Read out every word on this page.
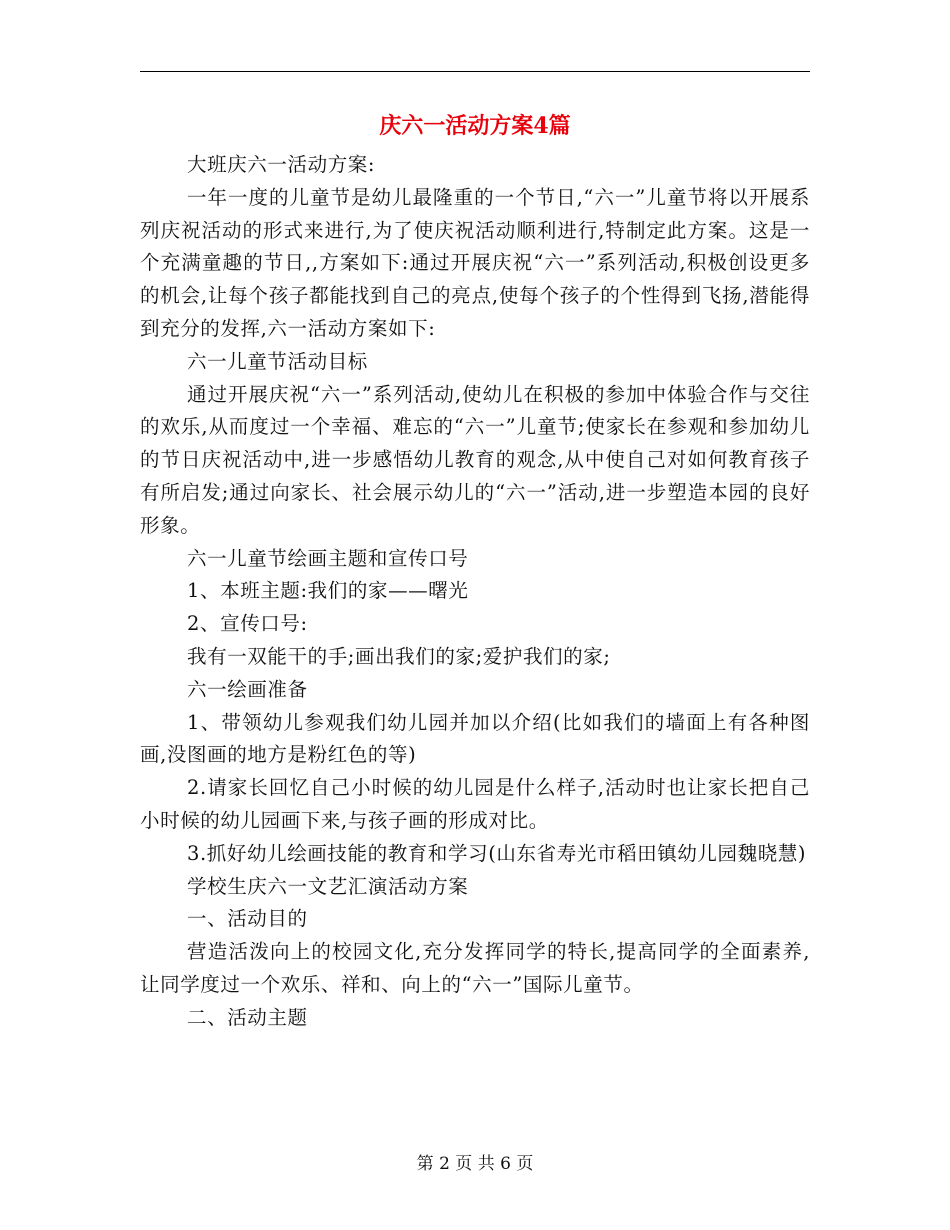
庆六一活动方案4篇

大班庆六一活动方案:

一年一度的儿童节是幼儿最隆重的一个节日,“六一”儿童节将以开展系列庆祝活动的形式来进行,为了使庆祝活动顺利进行,特制定此方案。这是一个充满童趣的节日,,方案如下:通过开展庆祝“六一”系列活动,积极创设更多的机会,让每个孩子都能找到自己的亮点,使每个孩子的个性得到飞扬,潜能得到充分的发挥,六一活动方案如下:

六一儿童节活动目标

通过开展庆祝“六一”系列活动,使幼儿在积极的参加中体验合作与交往的欢乐,从而度过一个幸福、难忘的“六一”儿童节;使家长在参观和参加幼儿的节日庆祝活动中,进一步感悟幼儿教育的观念,从中使自己对如何教育孩子有所启发;通过向家长、社会展示幼儿的“六一”活动,进一步塑造本园的良好形象。

六一儿童节绘画主题和宣传口号

1、本班主题:我们的家——曙光

2、宣传口号:

我有一双能干的手;画出我们的家;爱护我们的家;

六一绘画准备

1、带领幼儿参观我们幼儿园并加以介绍(比如我们的墙面上有各种图画,没图画的地方是粉红色的等)

2.请家长回忆自己小时候的幼儿园是什么样子,活动时也让家长把自己小时候的幼儿园画下来,与孩子画的形成对比。

3.抓好幼儿绘画技能的教育和学习(山东省寿光市稻田镇幼儿园魏晓慧)

学校生庆六一文艺汇演活动方案

一、活动目的

营造活泼向上的校园文化,充分发挥同学的特长,提高同学的全面素养,让同学度过一个欢乐、祥和、向上的“六一”国际儿童节。

二、活动主题

第 2 页 共 6 页
